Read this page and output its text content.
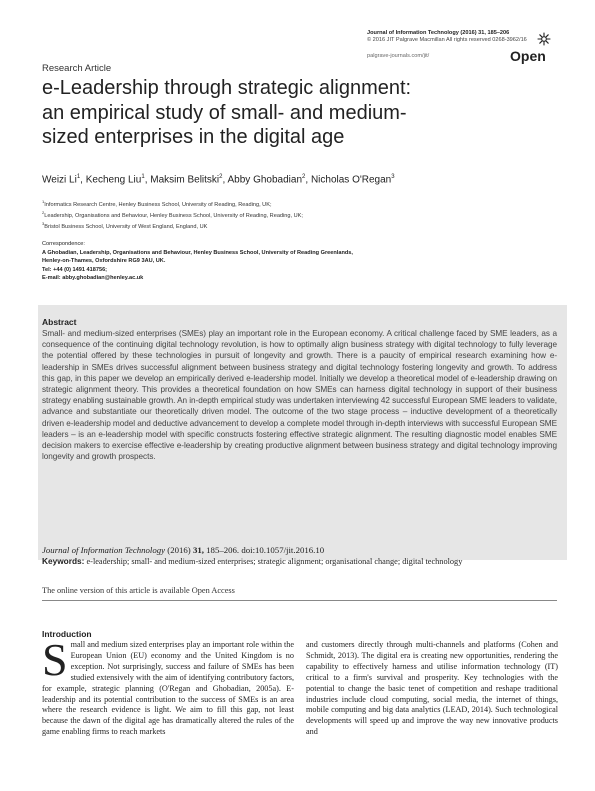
Journal of Information Technology (2016) 31, 185–206
© 2016 JIT Palgrave Macmillan All rights reserved 0268-3962/16
palgrave-journals.com/jit/	Open
Research Article
e-Leadership through strategic alignment:
an empirical study of small- and medium-
sized enterprises in the digital age
Weizi Li$^1$, Kecheng Liu$^1$, Maksim Belitski$^2$, Abby Ghobadian$^2$, Nicholas O'Regan$^3$
$^1$Informatics Research Centre, Henley Business School, University of Reading, Reading, UK;
$^2$Leadership, Organisations and Behaviour, Henley Business School, University of Reading, Reading, UK;
$^3$Bristol Business School, University of West England, England, UK
Correspondence:
A Ghobadian, Leadership, Organisations and Behaviour, Henley Business School, University of Reading Greenlands,
Henley-on-Thames, Oxfordshire RG9 3AU, UK.
Tel: +44 (0) 1491 418756;
E-mail: abby.ghobadian@henley.ac.uk
Abstract
Small- and medium-sized enterprises (SMEs) play an important role in the European economy. A critical challenge faced by SME leaders, as a consequence of the continuing digital technology revolution, is how to optimally align business strategy with digital technology to fully leverage the potential offered by these technologies in pursuit of longevity and growth. There is a paucity of empirical research examining how e-leadership in SMEs drives successful alignment between business strategy and digital technology fostering longevity and growth. To address this gap, in this paper we develop an empirically derived e-leadership model. Initially we develop a theoretical model of e-leadership drawing on strategic alignment theory. This provides a theoretical foundation on how SMEs can harness digital technology in support of their business strategy enabling sustainable growth. An in-depth empirical study was undertaken interviewing 42 successful European SME leaders to validate, advance and substantiate our theoretically driven model. The outcome of the two stage process – inductive development of a theoretically driven e-leadership model and deductive advancement to develop a complete model through in-depth interviews with successful European SME leaders – is an e-leadership model with specific constructs fostering effective strategic alignment. The resulting diagnostic model enables SME decision makers to exercise effective e-leadership by creating productive alignment between business strategy and digital technology improving longevity and growth prospects.
Journal of Information Technology (2016) 31, 185–206. doi:10.1057/jit.2016.10
Keywords: e-leadership; small- and medium-sized enterprises; strategic alignment; organisational change; digital technology
The online version of this article is available Open Access
Introduction
S mall and medium sized enterprises play an important role within the European Union (EU) economy and the United Kingdom is no exception. Not surprisingly, success and failure of SMEs has been studied extensively with the aim of identifying contributory factors, for example, strategic planning (O'Regan and Ghobadian, 2005a). E-leadership and its potential contribution to the success of SMEs is an area where the research evidence is light. We aim to fill this gap, not least because the dawn of the digital age has dramatically altered the rules of the game enabling firms to reach markets
and customers directly through multi-channels and platforms (Cohen and Schmidt, 2013). The digital era is creating new opportunities, rendering the capability to effectively harness and utilise information technology (IT) critical to a firm's survival and prosperity. Key technologies with the potential to change the basic tenet of competition and reshape traditional industries include cloud computing, social media, the internet of things, mobile computing and big data analytics (LEAD, 2014). Such technological developments will speed up and improve the way new innovative products and
